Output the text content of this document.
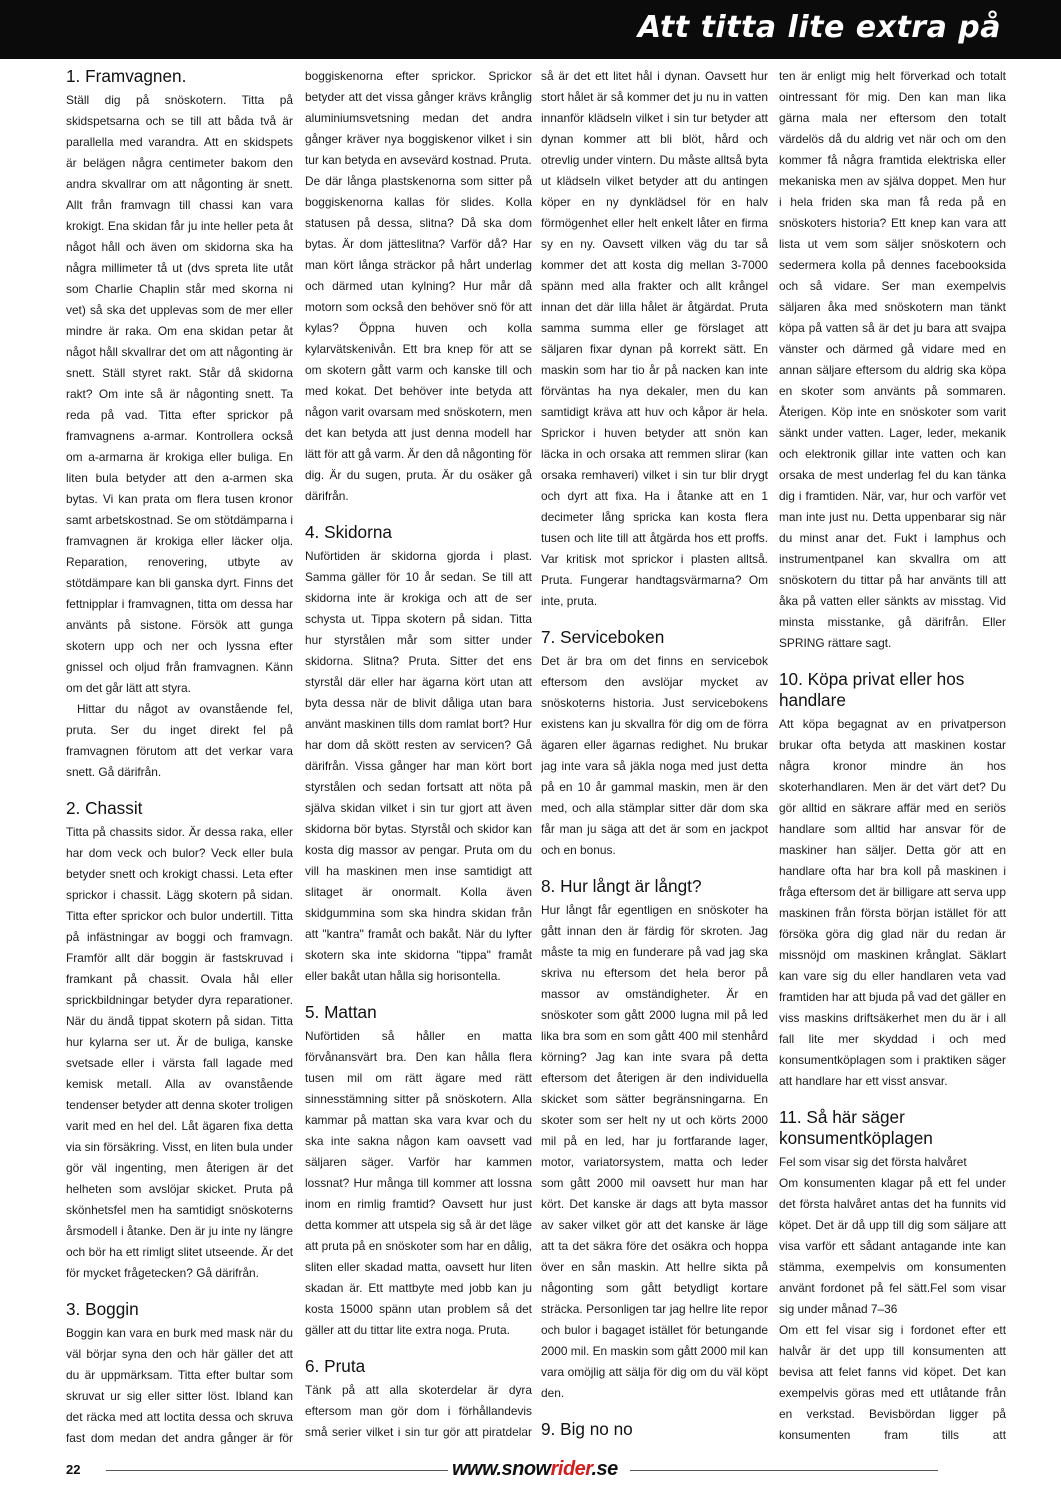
Att titta lite extra på
1. Framvagnen.

Ställ dig på snöskotern. Titta på skidspetsarna och se till att båda två är parallella med varandra. Att en skidspets är belägen några centimeter bakom den andra skvallrar om att någonting är snett. Allt från framvagn till chassi kan vara krokigt. Ena skidan får ju inte heller peta åt något håll och även om skidorna ska ha några millimeter tå ut (dvs spreta lite utåt som Charlie Chaplin står med skorna ni vet) så ska det upplevas som de mer eller mindre är raka. Om ena skidan petar åt något håll skvallrar det om att någonting är snett. Ställ styret rakt. Står då skidorna rakt? Om inte så är någonting snett. Ta reda på vad. Titta efter sprickor på framvagnens a-armar. Kontrollera också om a-armarna är krokiga eller buliga. En liten bula betyder att den a-armen ska bytas. Vi kan prata om flera tusen kronor samt arbetskostnad. Se om stötdämparna i framvagnen är krokiga eller läcker olja. Reparation, renovering, utbyte av stötdämpare kan bli ganska dyrt. Finns det fettnipplar i framvagnen, titta om dessa har använts på sistone. Försök att gunga skotern upp och ner och lyssna efter gnissel och oljud från framvagnen. Känn om det går lätt att styra.

Hittar du något av ovanstående fel, pruta. Ser du inget direkt fel på framvagnen förutom att det verkar vara snett. Gå därifrån.

2. Chassit

Titta på chassits sidor. Är dessa raka, eller har dom veck och bulor? Veck eller bula betyder snett och krokigt chassi. Leta efter sprickor i chassit. Lägg skotern på sidan. Titta efter sprickor och bulor undertill. Titta på infästningar av boggi och framvagn. Framför allt där boggin är fastskruvad i framkant på chassit. Ovala hål eller sprickbildningar betyder dyra reparationer. När du ändå tippat skotern på sidan. Titta hur kylarna ser ut. Är de buliga, kanske svetsade eller i värsta fall lagade med kemisk metall. Alla av ovanstående tendenser betyder att denna skoter troligen varit med en hel del. Låt ägaren fixa detta via sin försäkring. Visst, en liten bula under gör väl ingenting, men återigen är det helheten som avslöjar skicket. Pruta på skönhetsfel men ha samtidigt snöskoterns årsmodell i åtanke. Den är ju inte ny längre och bör ha ett rimligt slitet utseende. Är det för mycket frågetecken? Gå därifrån.

3. Boggin

Boggin kan vara en burk med mask när du väl börjar syna den och här gäller det att du är uppmärksam. Titta efter bultar som skruvat ur sig eller sitter löst. Ibland kan det räcka med att loctita dessa och skruva fast dom medan det andra gånger är för

boggiskenorna efter sprickor. Sprickor betyder att det vissa gånger krävs krånglig aluminiumsvetsning medan det andra gånger kräver nya boggiskenor vilket i sin tur kan betyda en avsevärd kostnad. Pruta.

De där långa plastskenorna som sitter på boggiskenorna kallas för slides. Kolla statusen på dessa, slitna? Då ska dom bytas. Är dom jätteslitna? Varför då? Har man kört långa sträckor på hårt underlag och därmed utan kylning? Hur mår då motorn som också den behöver snö för att kylas? Öppna huven och kolla kylarvätskenivån. Ett bra knep för att se om skotern gått varm och kanske till och med kokat. Det behöver inte betyda att någon varit ovarsam med snöskotern, men det kan betyda att just denna modell har lätt för att gå varm. Är den då någonting för dig. Är du sugen, pruta. Är du osäker gå därifrån.

4. Skidorna

Nuförtiden är skidorna gjorda i plast. Samma gäller för 10 år sedan. Se till att skidorna inte är krokiga och att de ser schysta ut. Tippa skotern på sidan. Titta hur styrstålen mår som sitter under skidorna. Slitna? Pruta. Sitter det ens styrstål där eller har ägarna kört utan att byta dessa när de blivit dåliga utan bara använt maskinen tills dom ramlat bort? Hur har dom då skött resten av servicen? Gå därifrån. Vissa gånger har man kört bort styrstålen och sedan fortsatt att nöta på själva skidan vilket i sin tur gjort att även skidorna bör bytas. Styrstål och skidor kan kosta dig massor av pengar. Pruta om du vill ha maskinen men inse samtidigt att slitaget är onormalt. Kolla även skidgummina som ska hindra skidan från att "kantra" framåt och bakåt. När du lyfter skotern ska inte skidorna "tippa" framåt eller bakåt utan hålla sig horisontella.

5. Mattan

Nuförtiden så håller en matta förvånansvärt bra. Den kan hålla flera tusen mil om rätt ägare med rätt sinnesstämning sitter på snöskotern. Alla kammar på mattan ska vara kvar och du ska inte sakna någon kam oavsett vad säljaren säger. Varför har kammen lossnat? Hur många till kommer att lossna inom en rimlig framtid? Oavsett hur just detta kommer att utspela sig så är det läge att pruta på en snöskoter som har en dålig, sliten eller skadad matta, oavsett hur liten skadan är. Ett mattbyte med jobb kan ju kosta 15000 spänn utan problem så det gäller att du tittar lite extra noga. Pruta.

6. Pruta

Tänk på att alla skoterdelar är dyra eftersom man gör dom i förhållandevis små serier vilket i sin tur gör att piratdelar

så är det ett litet hål i dynan. Oavsett hur stort hålet är så kommer det ju nu in vatten innanför klädseln vilket i sin tur betyder att dynan kommer att bli blöt, hård och otrevlig under vintern. Du måste alltså byta ut klädseln vilket betyder att du antingen köper en ny dynklädsel för en halv förmögenhet eller helt enkelt låter en firma sy en ny. Oavsett vilken väg du tar så kommer det att kosta dig mellan 3-7000 spänn med alla frakter och allt krångel innan det där lilla hålet är åtgärdat. Pruta samma summa eller ge förslaget att säljaren fixar dynan på korrekt sätt. En maskin som har tio år på nacken kan inte förväntas ha nya dekaler, men du kan samtidigt kräva att huv och kåpor är hela. Sprickor i huven betyder att snön kan läcka in och orsaka att remmen slirar (kan orsaka remhaveri) vilket i sin tur blir drygt och dyrt att fixa. Ha i åtanke att en 1 decimeter lång spricka kan kosta flera tusen och lite till att åtgärda hos ett proffs. Var kritisk mot sprickor i plasten alltså. Pruta. Fungerar handtagsvärmarna? Om inte, pruta.

7. Serviceboken

Det är bra om det finns en servicebok eftersom den avslöjar mycket av snöskoterns historia. Just servicebokens existens kan ju skvallra för dig om de förra ägaren eller ägarnas redighet. Nu brukar jag inte vara så jäkla noga med just detta på en 10 år gammal maskin, men är den med, och alla stämplar sitter där dom ska får man ju säga att det är som en jackpot och en bonus.

8. Hur långt är långt?

Hur långt får egentligen en snöskoter ha gått innan den är färdig för skroten. Jag måste ta mig en funderare på vad jag ska skriva nu eftersom det hela beror på massor av omständigheter. Är en snöskoter som gått 2000 lugna mil på led lika bra som en som gått 400 mil stenhård körning? Jag kan inte svara på detta eftersom det återigen är den individuella skicket som sätter begränsningarna. En skoter som ser helt ny ut och körts 2000 mil på en led, har ju fortfarande lager, motor, variatorsystem, matta och leder som gått 2000 mil oavsett hur man har kört. Det kanske är dags att byta massor av saker vilket gör att det kanske är läge att ta det säkra före det osäkra och hoppa över en sån maskin. Att hellre sikta på någonting som gått betydligt kortare sträcka. Personligen tar jag hellre lite repor och bulor i bagaget istället för betungande 2000 mil. En maskin som gått 2000 mil kan vara omöjlig att sälja för dig om du väl köpt den.

9. Big no no

ten är enligt mig helt förverkad och totalt ointressant för mig. Den kan man lika gärna mala ner eftersom den totalt värdelös då du aldrig vet när och om den kommer få några framtida elektriska eller mekaniska men av själva doppet. Men hur i hela friden ska man få reda på en snöskoters historia? Ett knep kan vara att lista ut vem som säljer snöskotern och sedermera kolla på dennes facebooksida och så vidare. Ser man exempelvis säljaren åka med snöskotern man tänkt köpa på vatten så är det ju bara att svajpa vänster och därmed gå vidare med en annan säljare eftersom du aldrig ska köpa en skoter som använts på sommaren. Återigen. Köp inte en snöskoter som varit sänkt under vatten. Lager, leder, mekanik och elektronik gillar inte vatten och kan orsaka de mest underlag fel du kan tänka dig i framtiden. När, var, hur och varför vet man inte just nu. Detta uppenbarar sig när du minst anar det. Fukt i lamphus och instrumentpanel kan skvallra om att snöskotern du tittar på har använts till att åka på vatten eller sänkts av misstag. Vid minsta misstanke, gå därifrån. Eller SPRING rättare sagt.

10. Köpa privat eller hos handlare

Att köpa begagnat av en privatperson brukar ofta betyda att maskinen kostar några kronor mindre än hos skoterhandlaren. Men är det värt det? Du gör alltid en säkrare affär med en seriös handlare som alltid har ansvar för de maskiner han säljer. Detta gör att en handlare ofta har bra koll på maskinen i fråga eftersom det är billigare att serva upp maskinen från första början istället för att försöka göra dig glad när du redan är missnöjd om maskinen krånglat. Säklart kan vare sig du eller handlaren veta vad framtiden har att bjuda på vad det gäller en viss maskins driftsäkerhet men du är i all fall lite mer skyddad i och med konsumentköplagen som i praktiken säger att handlare har ett visst ansvar.

11. Så här säger konsumentköplagen

Fel som visar sig det första halvåret

Om konsumenten klagar på ett fel under det första halvåret antas det ha funnits vid köpet. Det är då upp till dig som säljare att visa varför ett sådant antagande inte kan stämma, exempelvis om konsumenten använt fordonet på fel sätt.Fel som visar sig under månad 7–36

Om ett fel visar sig i fordonet efter ett halvår är det upp till konsumenten att bevisa att felet fanns vid köpet. Det kan exempelvis göras med ett utlåtande från en verkstad. Bevisbördan ligger på konsumenten fram tills att

22	www.snowrider.se
